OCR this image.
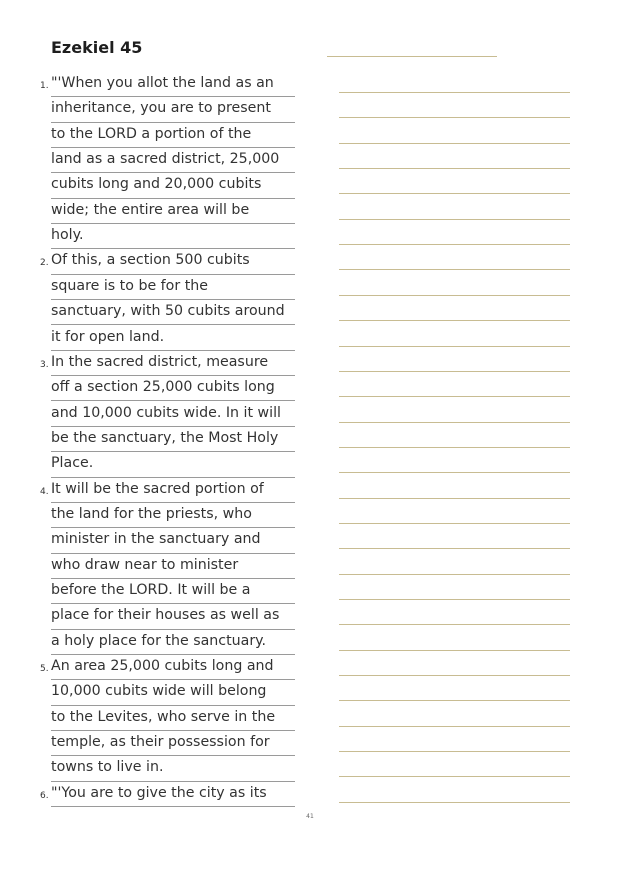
Ezekiel 45
1. "'When you allot the land as an
inheritance, you are to present
to the LORD a portion of the
land as a sacred district, 25,000
cubits long and 20,000 cubits
wide; the entire area will be
holy.
2. Of this, a section 500 cubits
square is to be for the
sanctuary, with 50 cubits around
it for open land.
3. In the sacred district, measure
off a section 25,000 cubits long
and 10,000 cubits wide. In it will
be the sanctuary, the Most Holy
Place.
4. It will be the sacred portion of
the land for the priests, who
minister in the sanctuary and
who draw near to minister
before the LORD. It will be a
place for their houses as well as
a holy place for the sanctuary.
5. An area 25,000 cubits long and
10,000 cubits wide will belong
to the Levites, who serve in the
temple, as their possession for
towns to live in.
6. "'You are to give the city as its
41
